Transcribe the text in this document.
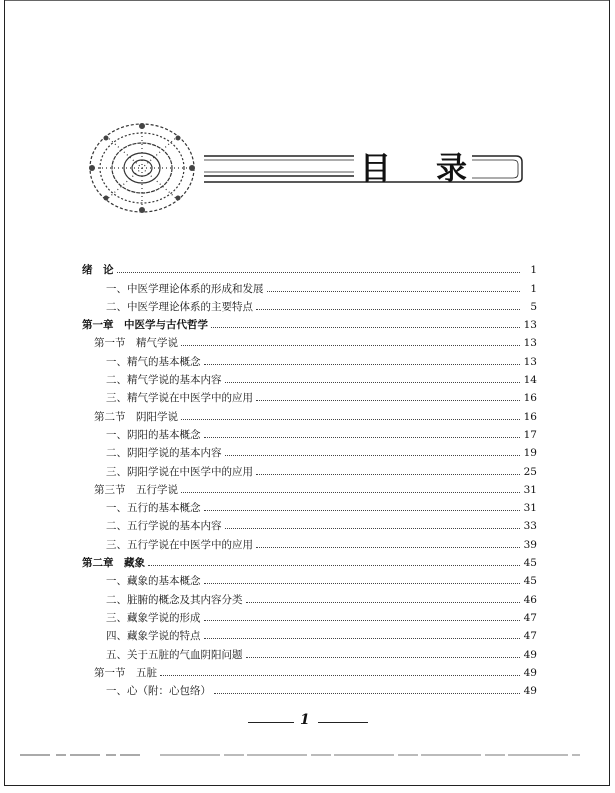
目 录
绪　论	1
一、中医学理论体系的形成和发展	1
二、中医学理论体系的主要特点	5
第一章　中医学与古代哲学	13
第一节　精气学说	13
一、精气的基本概念	13
二、精气学说的基本内容	14
三、精气学说在中医学中的应用	16
第二节　阴阳学说	16
一、阴阳的基本概念	17
二、阴阳学说的基本内容	19
三、阴阳学说在中医学中的应用	25
第三节　五行学说	31
一、五行的基本概念	31
二、五行学说的基本内容	33
三、五行学说在中医学中的应用	39
第二章　藏象	45
一、藏象的基本概念	45
二、脏腑的概念及其内容分类	46
三、藏象学说的形成	47
四、藏象学说的特点	47
五、关于五脏的气血阴阳问题	49
第一节　五脏	49
一、心（附：心包络）	49
1
